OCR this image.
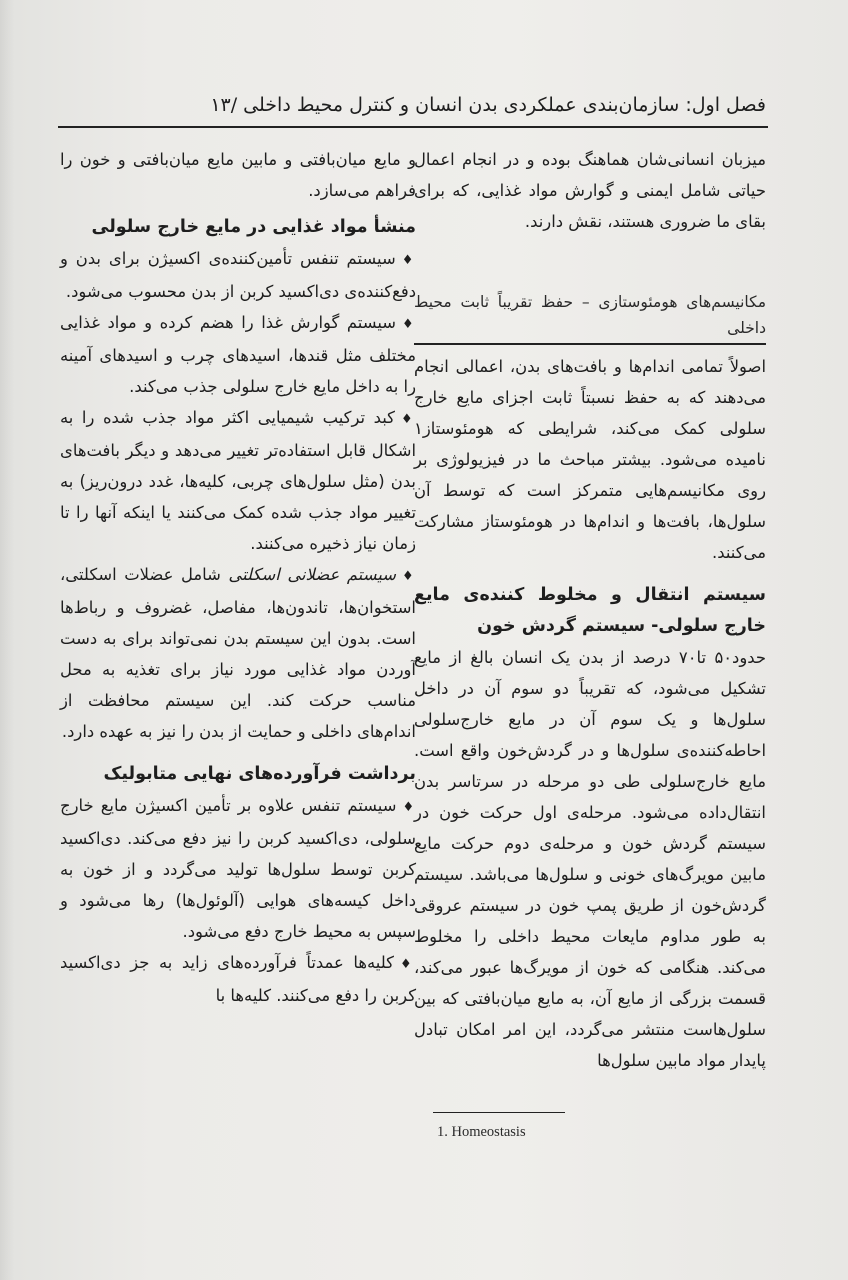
فصل اول: سازمان‌بندی عملکردی بدن انسان و کنترل محیط داخلی /۱۳

میزبان انسانی‌شان هماهنگ بوده و در انجام اعمال حیاتی شامل ایمنی و گوارش مواد غذایی، که برای بقای ما ضروری هستند، نقش دارند.

مکانیسم‌های هومئوستازی – حفظ تقریباً ثابت محیط داخلی

اصولاً تمامی اندام‌ها و بافت‌های بدن، اعمالی انجام می‌دهند که به حفظ نسبتاً ثابت اجزای مایع خارج سلولی کمک می‌کند، شرایطی که هومئوستاز۱ نامیده می‌شود. بیشتر مباحث ما در فیزیولوژی بر روی مکانیسم‌هایی متمرکز است که توسط آن سلول‌ها، بافت‌ها و اندام‌ها در هومئوستاز مشارکت می‌کنند.

سیستم انتقال و مخلوط کننده‌ی مایع خارج سلولی- سیستم گردش خون

حدود۵۰ تا۷۰ درصد از بدن یک انسان بالغ از مایع تشکیل می‌شود، که تقریباً دو سوم آن در داخل سلول‌ها و یک سوم آن در مایع خارج‌سلولی احاطه‌کننده‌ی سلول‌ها و در گردش‌خون واقع است. مایع خارج‌سلولی طی دو مرحله در سرتاسر بدن انتقال‌داده می‌شود. مرحله‌ی اول حرکت خون در سیستم گردش خون و مرحله‌ی دوم حرکت مایع مابین مویرگ‌های خونی و سلول‌ها می‌باشد. سیستم گردش‌خون از طریق پمپ خون در سیستم عروقی به طور مداوم مایعات محیط داخلی را مخلوط می‌کند. هنگامی که خون از مویرگ‌ها عبور می‌کند، قسمت بزرگی از مایع آن، به مایع میان‌بافتی که بین سلول‌هاست منتشر می‌گردد، این امر امکان تبادل پایدار مواد مابین سلول‌ها

و مایع میان‌بافتی و مابین مایع میان‌بافتی و خون را فراهم می‌سازد.

منشأ مواد غذایی در مایع خارج سلولی

♦سیستم تنفس تأمین‌کننده‌ی اکسیژن برای بدن و دفع‌کننده‌ی دی‌اکسید کربن از بدن محسوب می‌شود.

♦سیستم گوارش غذا را هضم کرده و مواد غذایی مختلف مثل قندها، اسیدهای چرب و اسیدهای آمینه را به داخل مایع خارج سلولی جذب می‌کند.

♦کبد ترکیب شیمیایی اکثر مواد جذب شده را به اشکال قابل استفاده‌تر تغییر می‌دهد و دیگر بافت‌های بدن (مثل سلول‌های چربی، کلیه‌ها، غدد درون‌ریز) به تغییر مواد جذب شده کمک می‌کنند یا اینکه آنها را تا زمان نیاز ذخیره می‌کنند.

♦سیستم عضلانی اسکلتی شامل عضلات اسکلتی، استخوان‌ها، تاندون‌ها، مفاصل، غضروف و رباط‌ها است. بدون این سیستم بدن نمی‌تواند برای به دست آوردن مواد غذایی مورد نیاز برای تغذیه به محل مناسب حرکت کند. این سیستم محافظت از اندام‌های داخلی و حمایت از بدن را نیز به عهده دارد.

برداشت فرآورده‌های نهایی متابولیک

♦سیستم تنفس علاوه بر تأمین اکسیژن مایع خارج سلولی، دی‌اکسید کربن را نیز دفع می‌کند. دی‌اکسید کربن توسط سلول‌ها تولید می‌گردد و از خون به داخل کیسه‌های هوایی (آلوئول‌ها) رها می‌شود و سپس به محیط خارج دفع می‌شود.

♦کلیه‌ها عمدتاً فرآورده‌های زاید به جز دی‌اکسید کربن را دفع می‌کنند. کلیه‌ها با

1. Homeostasis
